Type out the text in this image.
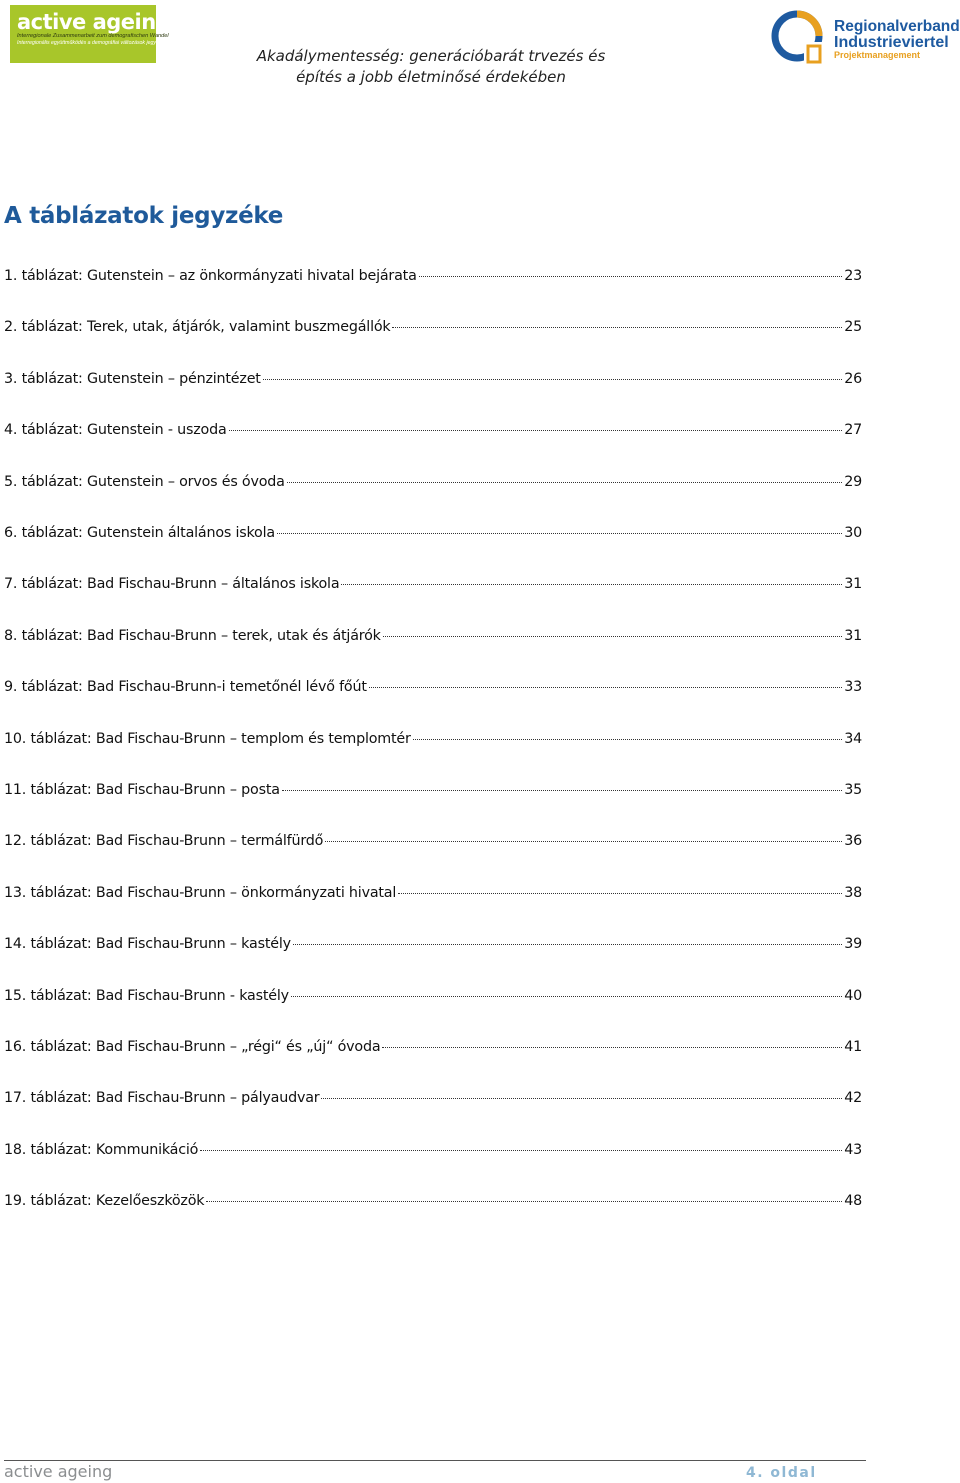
active ageing
Interregionale Zusammenarbeit zum demografischen Wandel
Interregionális együttműködés a demográfiai változások jegyében
Akadálymentesség: generációbarát trvezés és
építés a jobb életminősé érdekében
Regionalverband
Industrieviertel
Projektmanagement
A táblázatok jegyzéke
1. táblázat: Gutenstein – az önkormányzati hivatal bejárata	23
2. táblázat: Terek, utak, átjárók, valamint buszmegállók	25
3. táblázat: Gutenstein – pénzintézet	26
4. táblázat: Gutenstein - uszoda	27
5. táblázat: Gutenstein – orvos és óvoda	29
6. táblázat: Gutenstein általános iskola	30
7. táblázat: Bad Fischau-Brunn – általános iskola	31
8. táblázat: Bad Fischau-Brunn – terek, utak és átjárók	31
9. táblázat: Bad Fischau-Brunn-i temetőnél lévő főút	33
10. táblázat: Bad Fischau-Brunn – templom és templomtér	34
11. táblázat: Bad Fischau-Brunn – posta	35
12. táblázat: Bad Fischau-Brunn – termálfürdő	36
13. táblázat: Bad Fischau-Brunn – önkormányzati hivatal	38
14. táblázat: Bad Fischau-Brunn – kastély	39
15. táblázat: Bad Fischau-Brunn - kastély	40
16. táblázat: Bad Fischau-Brunn – „régi“ és „új“ óvoda	41
17. táblázat: Bad Fischau-Brunn – pályaudvar	42
18. táblázat: Kommunikáció	43
19. táblázat: Kezelőeszközök	48
active ageing	4. oldal
